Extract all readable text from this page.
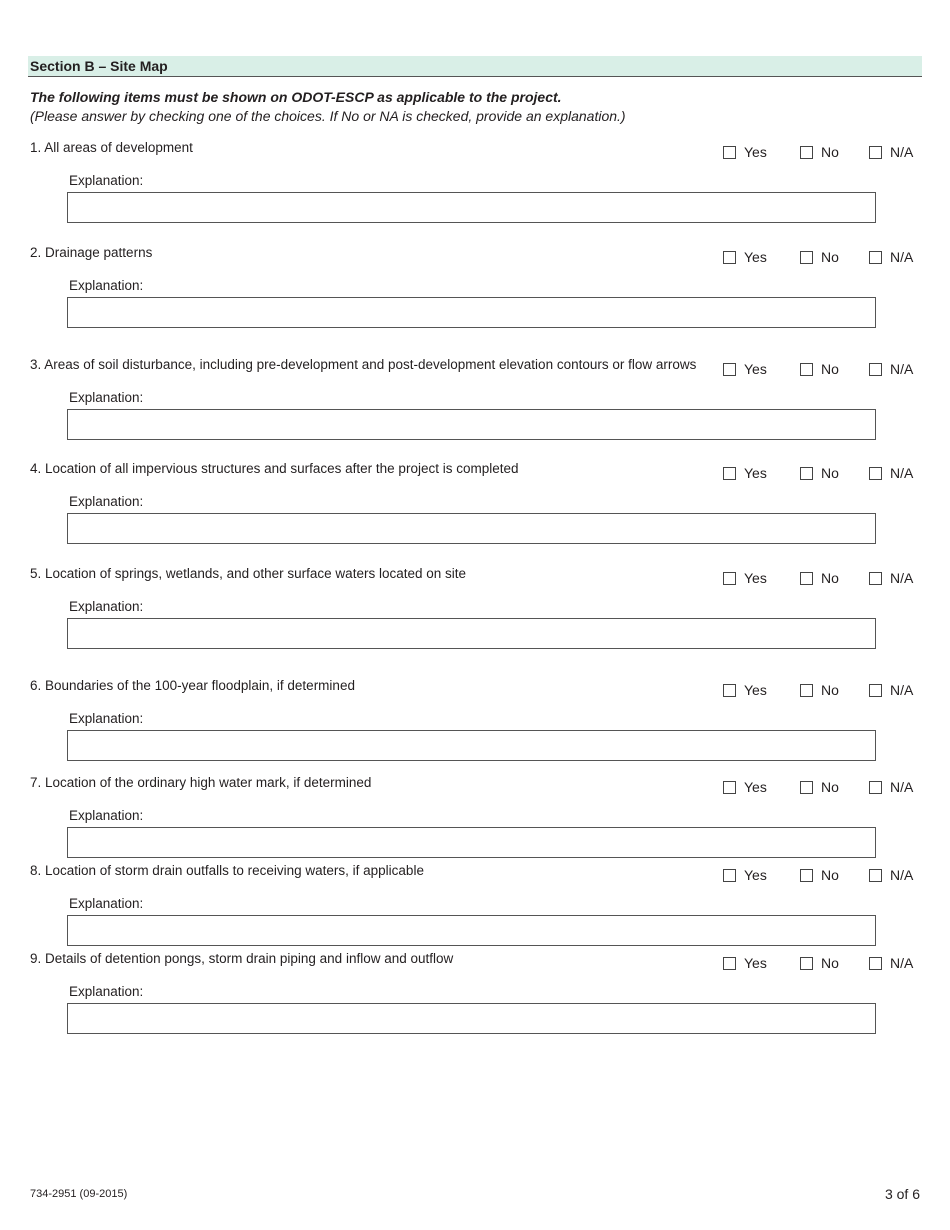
Section B – Site Map
The following items must be shown on ODOT-ESCP as applicable to the project.
(Please answer by checking one of the choices. If No or NA is checked, provide an explanation.)
1. All areas of development	Yes	No	N/A
Explanation:
2. Drainage patterns	Yes	No	N/A
Explanation:
3. Areas of soil disturbance, including pre-development and post-development elevation contours or flow arrows	Yes	No	N/A
Explanation:
4. Location of all impervious structures and surfaces after the project is completed	Yes	No	N/A
Explanation:
5. Location of springs, wetlands, and other surface waters located on site	Yes	No	N/A
Explanation:
6. Boundaries of the 100-year floodplain, if determined	Yes	No	N/A
Explanation:
7. Location of the ordinary high water mark, if determined	Yes	No	N/A
Explanation:
8. Location of storm drain outfalls to receiving waters, if applicable	Yes	No	N/A
Explanation:
9. Details of detention pongs, storm drain piping and inflow and outflow	Yes	No	N/A
Explanation:
734-2951 (09-2015)	3 of 6
